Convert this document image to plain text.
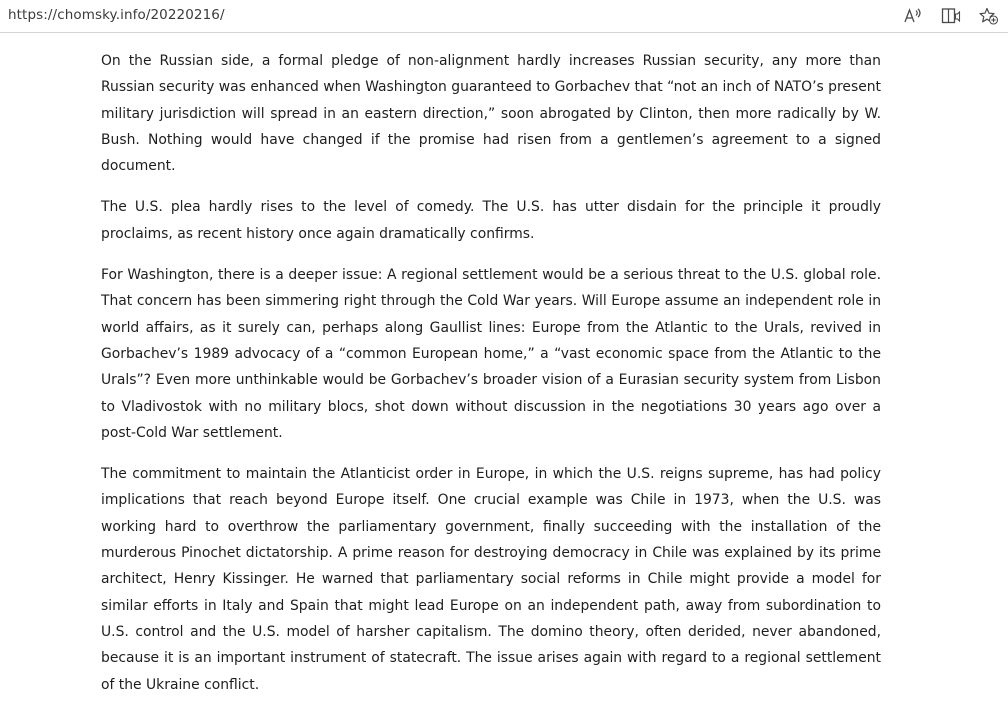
https://chomsky.info/20220216/

On the Russian side, a formal pledge of non-alignment hardly increases Russian security, any more than Russian security was enhanced when Washington guaranteed to Gorbachev that “not an inch of NATO’s present military jurisdiction will spread in an eastern direction,” soon abrogated by Clinton, then more radically by W. Bush. Nothing would have changed if the promise had risen from a gentlemen’s agreement to a signed document.

The U.S. plea hardly rises to the level of comedy. The U.S. has utter disdain for the principle it proudly proclaims, as recent history once again dramatically confirms.

For Washington, there is a deeper issue: A regional settlement would be a serious threat to the U.S. global role. That concern has been simmering right through the Cold War years. Will Europe assume an independent role in world affairs, as it surely can, perhaps along Gaullist lines: Europe from the Atlantic to the Urals, revived in Gorbachev’s 1989 advocacy of a “common European home,” a “vast economic space from the Atlantic to the Urals”? Even more unthinkable would be Gorbachev’s broader vision of a Eurasian security system from Lisbon to Vladivostok with no military blocs, shot down without discussion in the negotiations 30 years ago over a post-Cold War settlement.

The commitment to maintain the Atlanticist order in Europe, in which the U.S. reigns supreme, has had policy implications that reach beyond Europe itself. One crucial example was Chile in 1973, when the U.S. was working hard to overthrow the parliamentary government, finally succeeding with the installation of the murderous Pinochet dictatorship. A prime reason for destroying democracy in Chile was explained by its prime architect, Henry Kissinger. He warned that parliamentary social reforms in Chile might provide a model for similar efforts in Italy and Spain that might lead Europe on an independent path, away from subordination to U.S. control and the U.S. model of harsher capitalism. The domino theory, often derided, never abandoned, because it is an important instrument of statecraft. The issue arises again with regard to a regional settlement of the Ukraine conflict.
